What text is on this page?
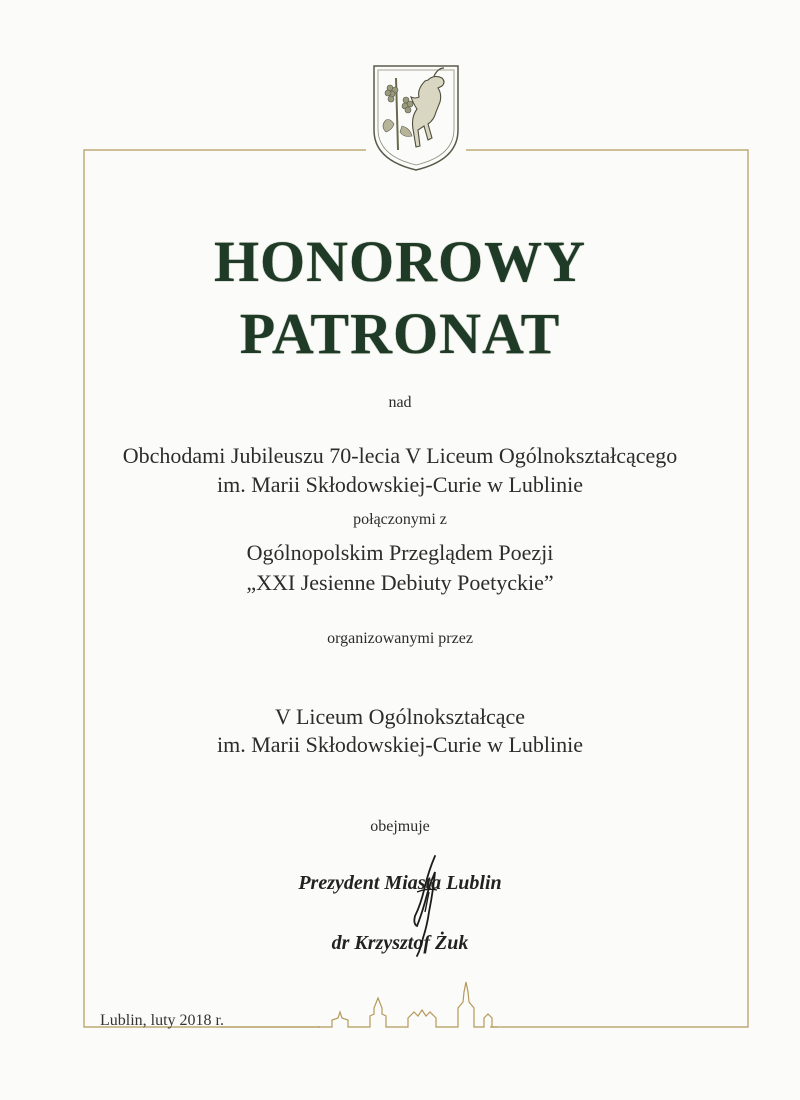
HONOROWY
PATRONAT
nad
Obchodami Jubileuszu 70-lecia V Liceum Ogólnokształcącego
im. Marii Skłodowskiej-Curie w Lublinie
połączonymi z
Ogólnopolskim Przeglądem Poezji
„XXI Jesienne Debiuty Poetyckie”
organizowanymi przez
V Liceum Ogólnokształcące
im. Marii Skłodowskiej-Curie w Lublinie
obejmuje
Prezydent Miasta Lublin
dr Krzysztof Żuk
Lublin, luty 2018 r.
